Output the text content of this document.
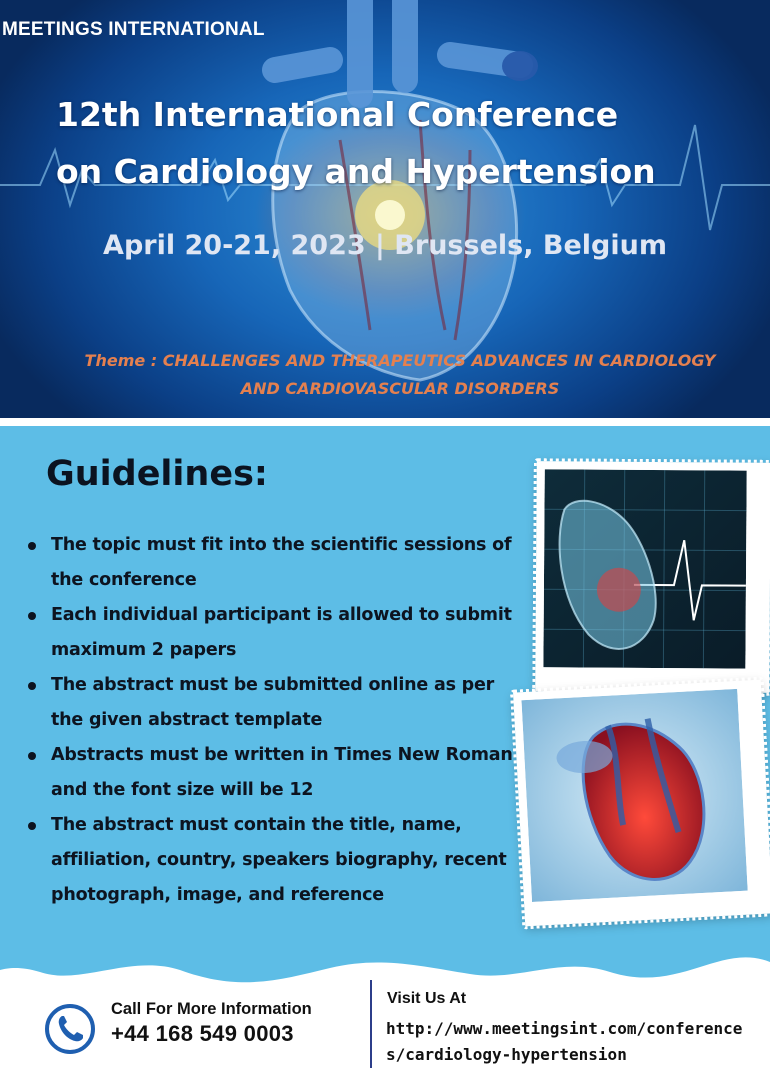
MEETINGS INTERNATIONAL
12th International Conference
on Cardiology and Hypertension
April 20-21, 2023 | Brussels, Belgium
Theme : CHALLENGES AND THERAPEUTICS ADVANCES IN CARDIOLOGY
AND CARDIOVASCULAR DISORDERS
Guidelines:
The topic must fit into the scientific sessions of the conference
Each individual participant is allowed to submit maximum 2 papers
The abstract must be submitted online as per the given abstract template
Abstracts must be written in Times New Roman and the font size will be 12
The abstract must contain the title, name, affiliation, country, speakers biography, recent photograph, image, and reference
Call For More Information
+44 168 549 0003
Visit Us At
http://www.meetingsint.com/conferences/cardiology-hypertension
